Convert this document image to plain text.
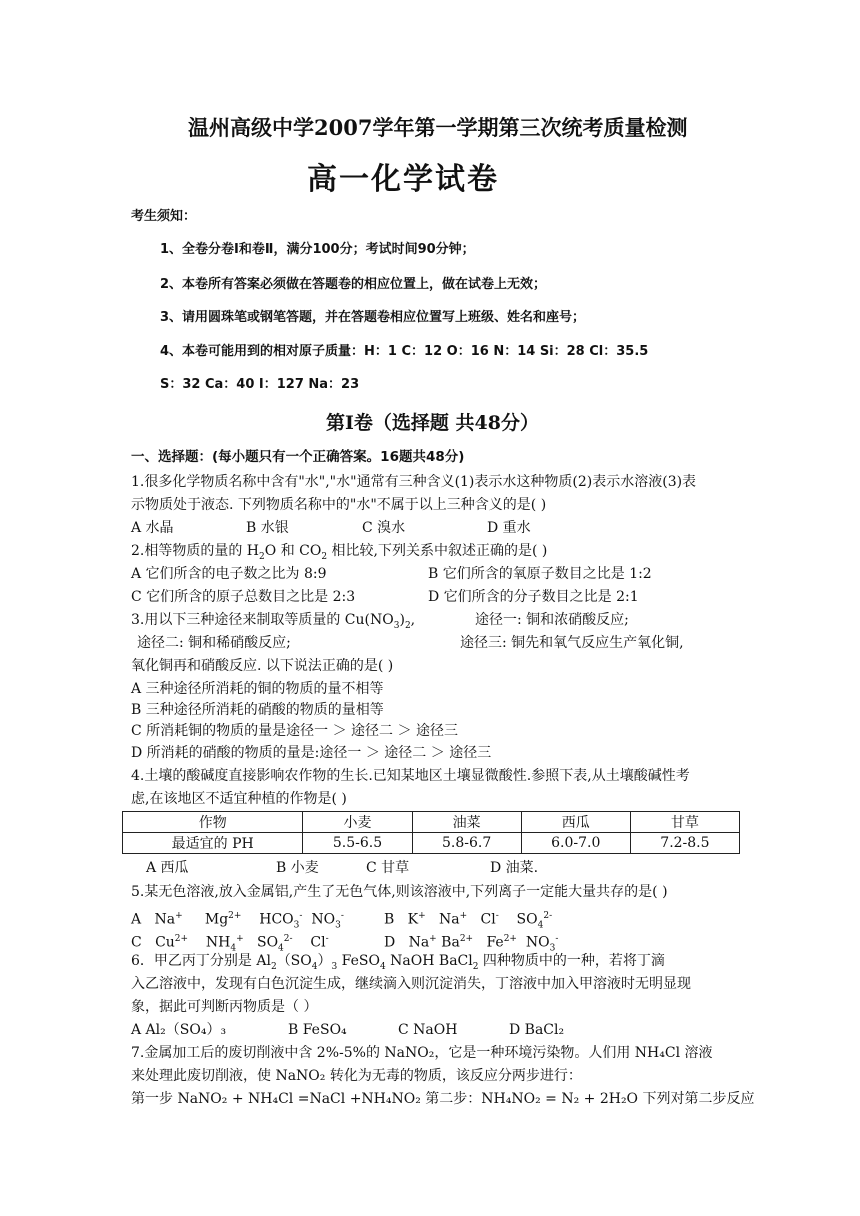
温州高级中学2007学年第一学期第三次统考质量检测
高一化学试卷
考生须知：
1、全卷分卷Ⅰ和卷Ⅱ，满分100分；考试时间90分钟；
2、本卷所有答案必须做在答题卷的相应位置上，做在试卷上无效；
3、请用圆珠笔或钢笔答题，并在答题卷相应位置写上班级、姓名和座号；
4、本卷可能用到的相对原子质量：H：1 C：12 O：16 N：14 Si：28 Cl：35.5
S：32 Ca：40 I：127 Na：23
第Ⅰ卷（选择题 共48分）
一、选择题：(每小题只有一个正确答案。16题共48分)
1.很多化学物质名称中含有"水","水"通常有三种含义(1)表示水这种物质(2)表示水溶液(3)表
示物质处于液态. 下列物质名称中的"水"不属于以上三种含义的是( )
A 水晶	B 水银	C 溴水	D 重水
2.相等物质的量的 $H_2O$ 和 $CO_2$ 相比较,下列关系中叙述正确的是( )
A 它们所含的电子数之比为 8:9	B 它们所含的氧原子数目之比是 1:2
C 它们所含的原子总数目之比是 2:3	D 它们所含的分子数目之比是 2:1
3.用以下三种途径来制取等质量的 $Cu(NO_3)_2$,	途径一: 铜和浓硝酸反应;
途径二: 铜和稀硝酸反应;	途径三: 铜先和氧气反应生产氧化铜,
氧化铜再和硝酸反应. 以下说法正确的是( )
A 三种途径所消耗的铜的物质的量不相等
B 三种途径所消耗的硝酸的物质的量相等
C 所消耗铜的物质的量是途径一 ＞ 途径二 ＞ 途径三
D 所消耗的硝酸的物质的量是:途径一 ＞ 途径二 ＞ 途径三
4.土壤的酸碱度直接影响农作物的生长.已知某地区土壤显微酸性.参照下表,从土壤酸碱性考
虑,在该地区不适宜种植的作物是( )
作物	小麦	油菜	西瓜	甘草
最适宜的 PH	5.5-6.5	5.8-6.7	6.0-7.0	7.2-8.5
A 西瓜	B 小麦	C 甘草	D 油菜.
5.某无色溶液,放入金属铝,产生了无色气体,则该溶液中,下列离子一定能大量共存的是( )
A   Na+     $Mg^{2+}$    $HCO_3^-$  $NO_3^-$	B   K+   Na+   Cl-    $SO_4^{2-}$
C   $Cu^{2+}$    $NH_4^+$   $SO_4^{2-}$    Cl-	D   Na+ $Ba^{2+}$   $Fe^{2+}$  $NO_3^-$
6．甲乙丙丁分别是 $Al_2(SO_4)_3$ FeSO$_4$ NaOH BaCl$_2$ 四种物质中的一种，若将丁滴
入乙溶液中，发现有白色沉淀生成，继续滴入则沉淀消失，丁溶液中加入甲溶液时无明显现
象，据此可判断丙物质是（ ）
A Al₂（SO₄）₃	B FeSO₄	C NaOH	D BaCl₂
7.金属加工后的废切削液中含 2%-5%的 NaNO₂，它是一种环境污染物。人们用 NH₄Cl 溶液
来处理此废切削液，使 NaNO₂ 转化为无毒的物质，该反应分两步进行：
第一步 NaNO₂ + NH₄Cl =NaCl +NH₄NO₂ 第二步：NH₄NO₂ = N₂ + 2H₂O 下列对第二步反应
